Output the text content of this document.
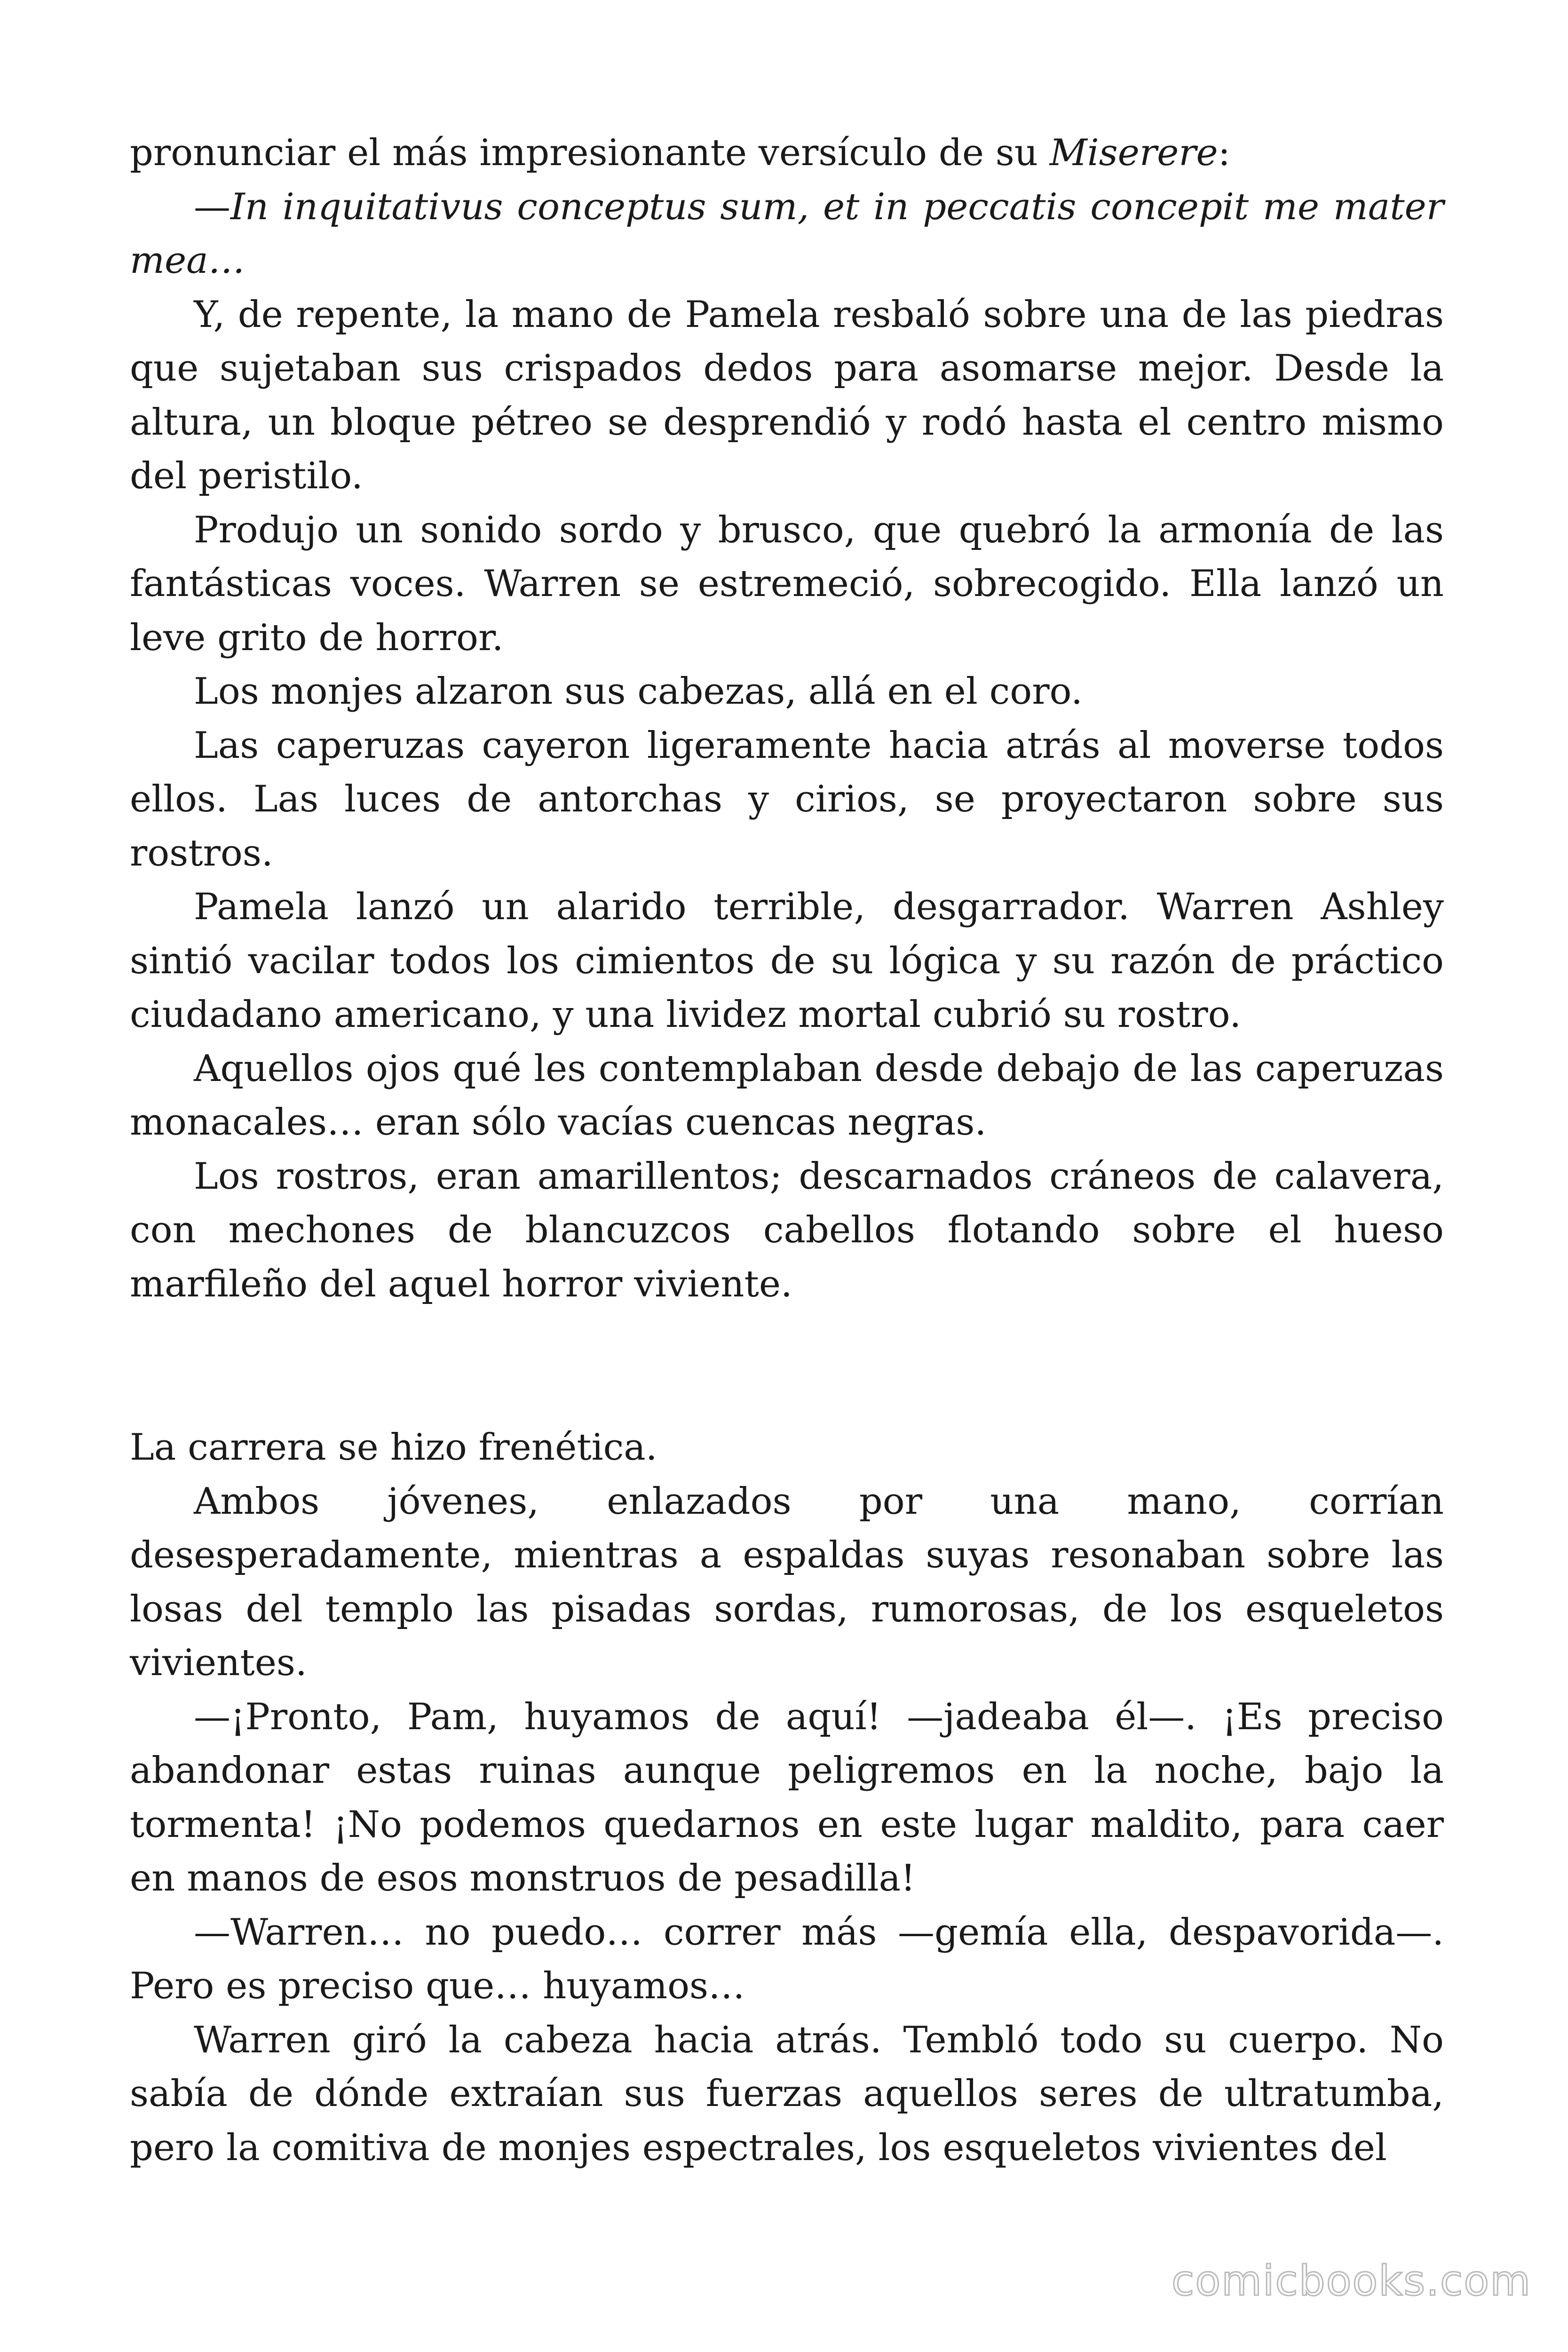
pronunciar el más impresionante versículo de su Miserere:

—In inquitativus conceptus sum, et in peccatis concepit me mater mea…

Y, de repente, la mano de Pamela resbaló sobre una de las piedras que sujetaban sus crispados dedos para asomarse mejor. Desde la altura, un bloque pétreo se desprendió y rodó hasta el centro mismo del peristilo.

Produjo un sonido sordo y brusco, que quebró la armonía de las fantásticas voces. Warren se estremeció, sobrecogido. Ella lanzó un leve grito de horror.

Los monjes alzaron sus cabezas, allá en el coro.

Las caperuzas cayeron ligeramente hacia atrás al moverse todos ellos. Las luces de antorchas y cirios, se proyectaron sobre sus rostros.

Pamela lanzó un alarido terrible, desgarrador. Warren Ashley sintió vacilar todos los cimientos de su lógica y su razón de práctico ciudadano americano, y una lividez mortal cubrió su rostro.

Aquellos ojos qué les contemplaban desde debajo de las caperuzas monacales… eran sólo vacías cuencas negras.

Los rostros, eran amarillentos; descarnados cráneos de calavera, con mechones de blancuzcos cabellos flotando sobre el hueso marfileño del aquel horror viviente.

La carrera se hizo frenética.

Ambos jóvenes, enlazados por una mano, corrían desesperadamente, mientras a espaldas suyas resonaban sobre las losas del templo las pisadas sordas, rumorosas, de los esqueletos vivientes.

—¡Pronto, Pam, huyamos de aquí! —jadeaba él—. ¡Es preciso abandonar estas ruinas aunque peligremos en la noche, bajo la tormenta! ¡No podemos quedarnos en este lugar maldito, para caer en manos de esos monstruos de pesadilla!

—Warren… no puedo… correr más —gemía ella, despavorida—. Pero es preciso que… huyamos…

Warren giró la cabeza hacia atrás. Tembló todo su cuerpo. No sabía de dónde extraían sus fuerzas aquellos seres de ultratumba, pero la comitiva de monjes espectrales, los esqueletos vivientes del

comicbooks.com
